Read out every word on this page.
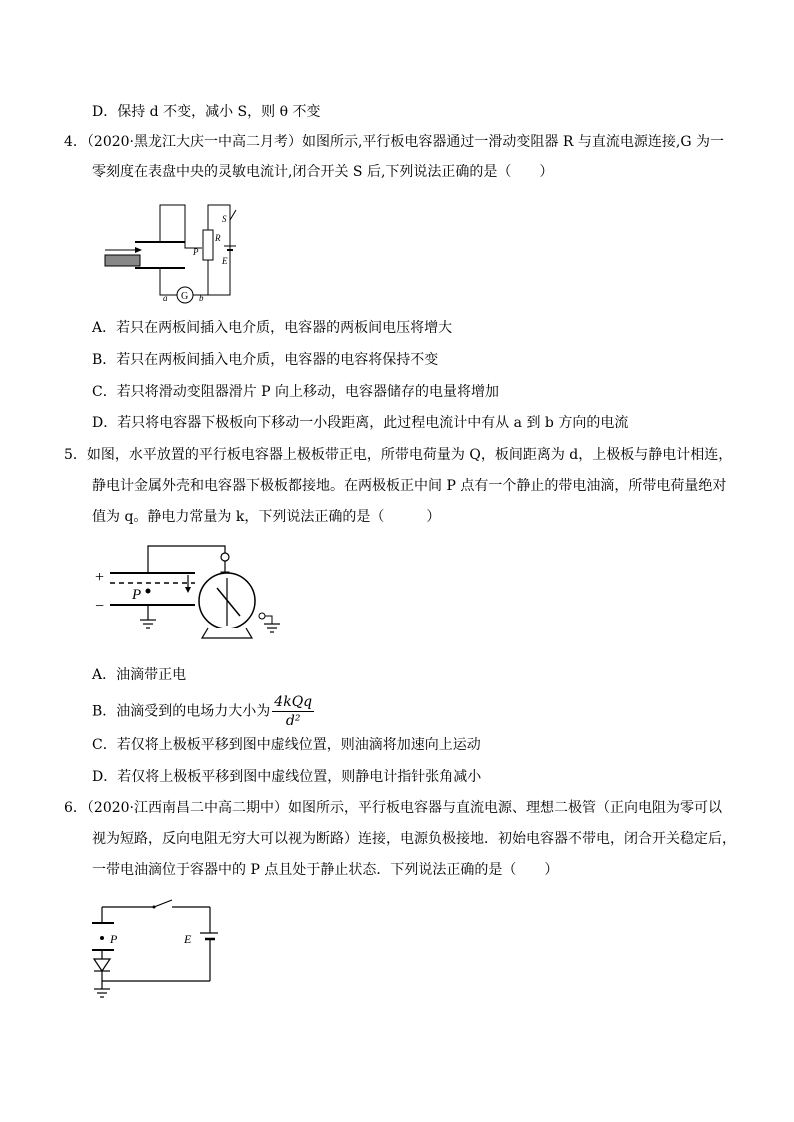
D．保持 d 不变，减小 S，则 θ 不变
4．（2020·黑龙江大庆一中高二月考）如图所示,平行板电容器通过一滑动变阻器 R 与直流电源连接,G 为一
零刻度在表盘中央的灵敏电流计,闭合开关 S 后,下列说法正确的是（　　）
G
S
R
E
P
a	b
A．若只在两板间插入电介质，电容器的两板间电压将增大
B．若只在两板间插入电介质，电容器的电容将保持不变
C．若只将滑动变阻器滑片 P 向上移动，电容器储存的电量将增加
D．若只将电容器下极板向下移动一小段距离，此过程电流计中有从 a 到 b 方向的电流
5．如图，水平放置的平行板电容器上极板带正电，所带电荷量为 Q，板间距离为 d，上极板与静电计相连，
静电计金属外壳和电容器下极板都接地。在两极板正中间 P 点有一个静止的带电油滴，所带电荷量绝对
值为 q。静电力常量为 k，下列说法正确的是（　　　）
+
−
P
A．油滴带正电
B．油滴受到的电场力大小为 $\frac{\text{4kQq}}{\text{d²}}$
C．若仅将上极板平移到图中虚线位置，则油滴将加速向上运动
D．若仅将上极板平移到图中虚线位置，则静电计指针张角减小
6．（2020·江西南昌二中高二期中）如图所示，平行板电容器与直流电源、理想二极管（正向电阻为零可以
视为短路，反向电阻无穷大可以视为断路）连接，电源负极接地．初始电容器不带电，闭合开关稳定后，
一带电油滴位于容器中的 P 点且处于静止状态．下列说法正确的是（　　）
E
P
